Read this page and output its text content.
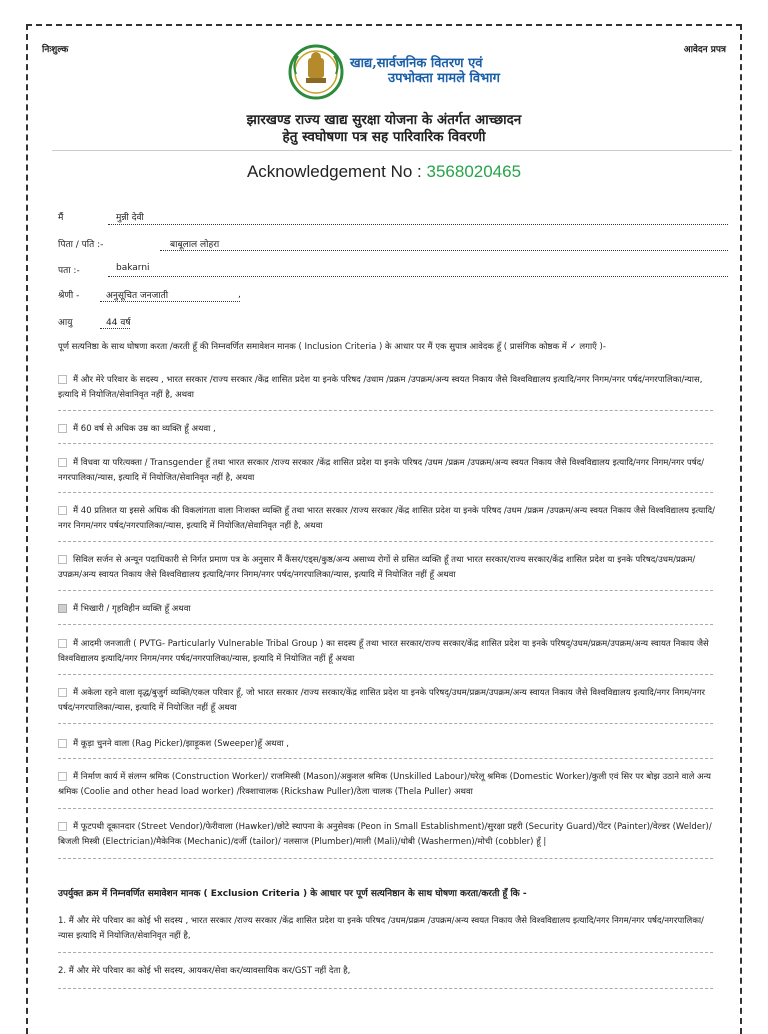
निःशुल्क	आवेदन प्रपत्र
खाद्य,सार्वजनिक वितरण एवं
उपभोक्ता मामले विभाग
झारखण्ड राज्य खाद्य सुरक्षा योजना के अंतर्गत आच्छादन
हेतु स्वघोषणा पत्र सह पारिवारिक विवरणी
Acknowledgement No : 3568020465
मैं	मुन्नी देवी
पिता / पति :-	बाबूलाल लोहरा
पता :-	bakarni
श्रेणी -	अनुसूचित जनजाती	,
आयु	44 वर्ष
पूर्ण सत्यनिष्ठा के साथ घोषणा करता /करती हूँ की निम्नवर्णित समावेशन मानक ( Inclusion Criteria ) के आधार पर मैं एक सुपात्र आवेदक हूँ ( प्रासंगिक कोष्ठक में ✓ लगाएँ )-
मैं और मेरे परिवार के सदस्य , भारत सरकार /राज्य सरकार /केंद्र शासित प्रदेश या इनके परिषद /उधाम /प्रक्रम /उपक्रम/अन्य स्वयत निकाय जैसे विश्वविद्यालय इत्यादि/नगर निगम/नगर पर्षद/नगरपालिका/न्यास, इत्यादि में नियोजित/सेवानिवृत नहीं है, अथवा
मैं 60 वर्ष से अधिक उम्र का व्यक्ति हूँ अथवा ,
मैं विधवा या परित्यक्ता / Transgender हूँ तथा भारत सरकार /राज्य सरकार /केंद्र शासित प्रदेश या इनके परिषद /उधम /प्रक्रम /उपक्रम/अन्य स्वयत निकाय जैसे विश्वविद्यालय इत्यादि/नगर निगम/नगर पर्षद/नगरपालिका/न्यास, इत्यादि में नियोजित/सेवानिवृत नहीं है, अथवा
मैं 40 प्रतिशत या इससे अधिक की विकलांगता वाला निःशक्त व्यक्ति हूँ तथा भारत सरकार /राज्य सरकार /केंद्र शासित प्रदेश या इनके परिषद /उधम /प्रक्रम /उपक्रम/अन्य स्वयत निकाय जैसे विश्वविद्यालय इत्यादि/नगर निगम/नगर पर्षद/नगरपालिका/न्यास, इत्यादि में नियोजित/सेवानिवृत नहीं है, अथवा
सिविल सर्जन से अन्यून पदाधिकारी से निर्गत प्रमाण पत्र के अनुसार मैं कैंसर/एड्स/कुष्ठ/अन्य असाध्य रोगों से ग्रसित व्यक्ति हूँ तथा भारत सरकार/राज्य सरकार/केंद्र शासित प्रदेश या इनके परिषद/उधम/प्रक्रम/उपक्रम/अन्य स्वायत निकाय जैसे विश्वविद्यालय इत्यादि/नगर निगम/नगर पर्षद/नगरपालिका/न्यास, इत्यादि में नियोजित नहीं हूँ अथवा
मैं भिखारी / गृहविहीन व्यक्ति हूँ अथवा
मैं आदमी जनजाती ( PVTG- Particularly Vulnerable Tribal Group ) का सदस्य हूँ तथा भारत सरकार/राज्य सरकार/केंद्र शासित प्रदेश या इनके परिषद्/उधम/प्रक्रम/उपक्रम/अन्य स्वायत निकाय जैसे विश्वविद्यालय इत्यादि/नगर निगम/नगर पर्षद/नगरपालिका/न्यास, इत्यादि में नियोजित नहीं हूँ अथवा
मैं अकेला रहने वाला वृद्ध/बुजुर्ग व्यक्ति/एकल परिवार हूँ, जो भारत सरकार /राज्य सरकार/केंद्र शासित प्रदेश या इनके परिषद्/उधम/प्रक्रम/उपक्रम/अन्य स्वायत निकाय जैसे विश्वविद्यालय इत्यादि/नगर निगम/नगर पर्षद/नगरपालिका/न्यास, इत्यादि में नियोजित नहीं हूँ अथवा
मैं कूड़ा चुनने वाला (Rag Picker)/झाड़ूकश (Sweeper)हूँ अथवा ,
मैं निर्माण कार्य में संलग्न श्रमिक (Construction Worker)/ राजमिस्त्री (Mason)/अकुशल श्रमिक (Unskilled Labour)/घरेलू श्रमिक (Domestic Worker)/कुली एवं सिर पर बोझ उठाने वाले अन्य श्रमिक (Coolie and other head load worker) /रिक्शाचालक (Rickshaw Puller)/ठेला चालक (Thela Puller) अथवा
मैं फूटपथी दूकानदार (Street Vendor)/फेरीवाला (Hawker)/छोटे स्थापना के अनुसेवक (Peon in Small Establishment)/सुरक्षा प्रहरी (Security Guard)/पेंटर (Painter)/वेल्डर (Welder)/बिजली मिस्त्री (Electrician)/मैकेनिक (Mechanic)/दर्जी (tailor)/ नलसाज (Plumber)/माली (Mali)/धोबी (Washermen)/मोची (cobbler) हूँ |
उपर्युक्त क्रम में निम्नवर्णित समावेशन मानक ( Exclusion Criteria ) के आधार पर पूर्ण सत्यनिष्ठान के साथ घोषणा करता/करती हूँ कि -
1. मैं और मेरे परिवार का कोई भी सदस्य , भारत सरकार /राज्य सरकार /केंद्र शासित प्रदेश या इनके परिषद /उधम/प्रक्रम /उपक्रम/अन्य स्वयत निकाय जैसे विश्वविद्यालय इत्यादि/नगर निगम/नगर पर्षद/नगरपालिका/न्यास इत्यादि में नियोजित/सेवानिवृत नहीं है,
2. मैं और मेरे परिवार का कोई भी सदस्य, आयकर/सेवा कर/व्यावसायिक कर/GST नहीं देता है,
